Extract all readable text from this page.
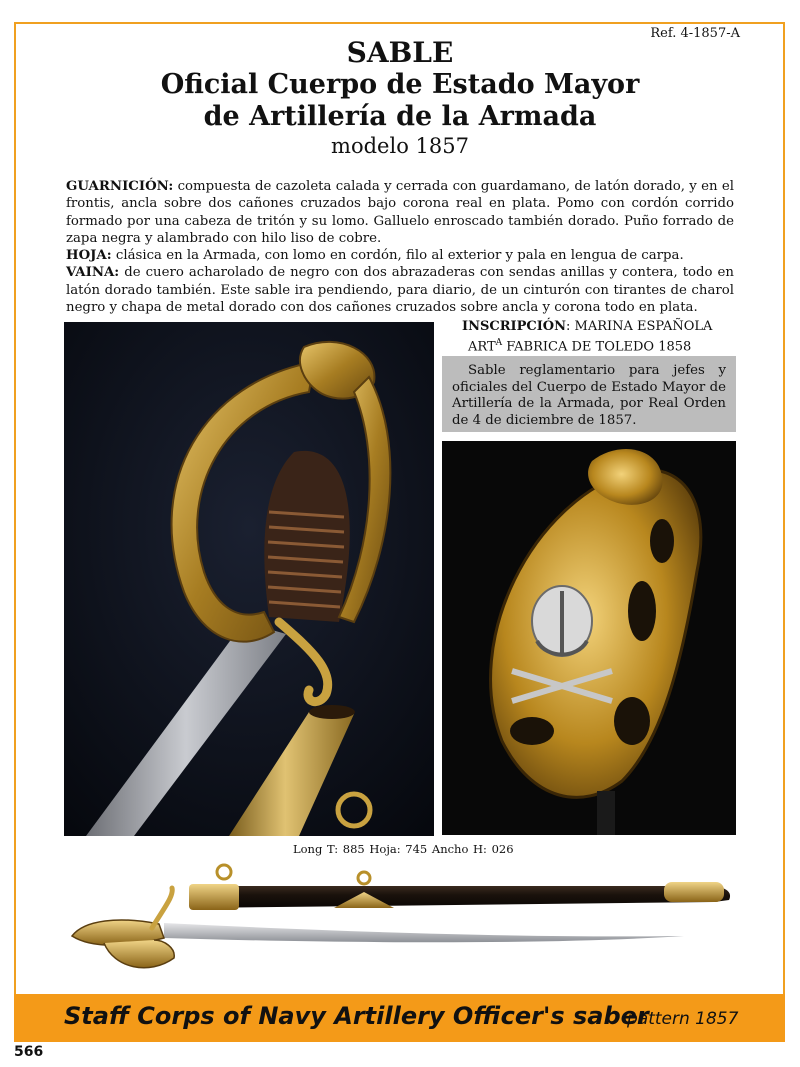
Ref. 4-1857-A
SABLE
Oficial Cuerpo de Estado Mayor
de Artillería de la Armada
modelo 1857

GUARNICIÓN: compuesta de cazoleta calada y cerrada con guardamano, de latón dorado, y en el frontis, ancla sobre dos cañones cruzados bajo corona real en plata. Pomo con cordón corrido formado por una cabeza de tritón y su lomo. Galluelo enroscado también dorado. Puño forrado de zapa negra y alambrado con hilo liso de cobre.

HOJA: clásica en la Armada, con lomo en cordón, filo al exterior y pala en lengua de carpa.

VAINA: de cuero acharolado de negro con dos abrazaderas con sendas anillas y contera, todo en latón dorado también. Este sable ira pendiendo, para diario, de un cinturón con tirantes de charol negro y chapa de metal dorado con dos cañones cruzados sobre ancla y corona todo en plata.

INSCRIPCIÓN: MARINA ESPAÑOLA
$ART^A$ FABRICA DE TOLEDO 1858
Sable reglamentario para jefes y oficiales del Cuerpo de Estado Mayor de Artillería de la Armada, por Real Orden de 4 de diciembre de 1857.
Long T: 885 Hoja: 745 Ancho H: 026
Staff Corps of Navy Artillery Officer's saber
pattern 1857
566
